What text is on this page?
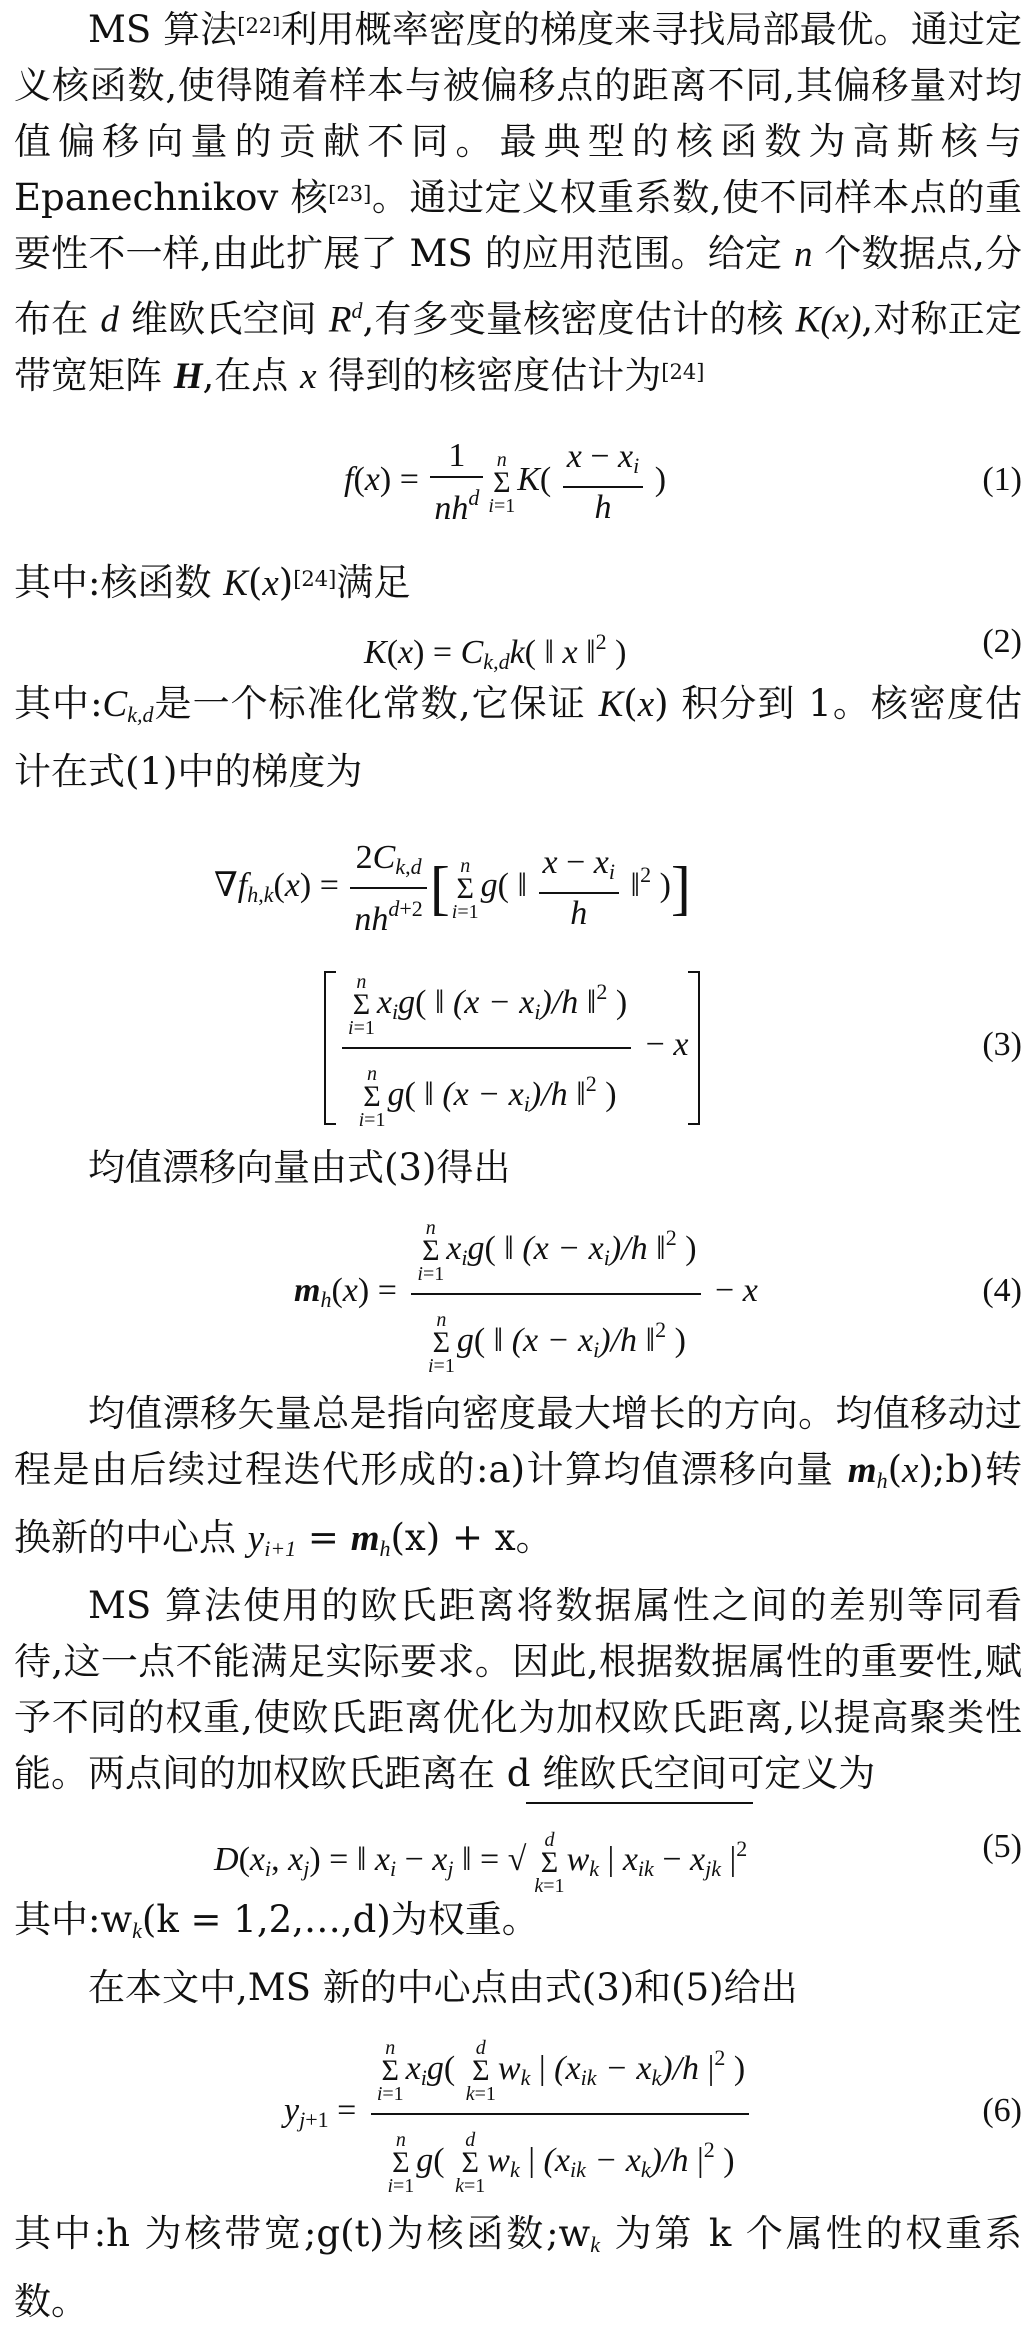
MS 算法[22]利用概率密度的梯度来寻找局部最优。通过定义核函数,使得随着样本与被偏移点的距离不同,其偏移量对均值偏移向量的贡献不同。最典型的核函数为高斯核与 Epanechnikov 核[23]。通过定义权重系数,使不同样本点的重要性不一样,由此扩展了 MS 的应用范围。给定 n 个数据点,分布在 d 维欧氏空间 $R^d$,有多变量核密度估计的核 K(x),对称正定带宽矩阵 H,在点 x 得到的核密度估计为[24]

$f(x) = \frac{1}{nh^d}$ n
Σ
$i=1K( \frac{x - x_i}{h}$ )	(1)

其中:核函数 K(x)[24]满足

$K(x) = C_{k,d}k$( ‖ x ‖$^2$ )	(2)

其中$:C_{k,d}$是一个标准化常数,它保证 K(x) 积分到 1。核密度估计在式(1)中的梯度为

$\nabla f_{h,k}(x) = \frac{2C_{k,d}}{nh^{d+2}}$ [ n
Σ
i=1g( ‖ $\frac{x - x_i}{h}$ ‖$^2$ )]
n
Σ
$i=1x_ig$( ‖ $(x - x_i)/h$ ‖$^2$ )
n
Σ
i=1g( ‖ $(x - x_i)/h$ ‖$^2$ ) − x	(3)

均值漂移向量由式(3)得出

$m_h(x) = n$
Σ
$i=1x_ig$( ‖ $(x - x_i)/h$ ‖$^2$ )
n
Σ
i=1g( ‖ $(x - x_i)/h$ ‖$^2$ ) − x	(4)

均值漂移矢量总是指向密度最大增长的方向。均值移动过程是由后续过程迭代形成的:a)计算均值漂移向量 $m_h(x);b$)转换新的中心点 $y_{i+1} = m_h(x) + x$。

MS 算法使用的欧氏距离将数据属性之间的差别等同看待,这一点不能满足实际要求。因此,根据数据属性的重要性,赋予不同的权重,使欧氏距离优化为加权欧氏距离,以提高聚类性能。两点间的加权欧氏距离在 d 维欧氏空间可定义为

$D(x_i$, $x_j$) = ‖ $x_i - x_j$ ‖ = √d
Σ
$k=1w_k$ | $x_{ik} - x_{jk}$ $|^2$	(5)

其中$:w_k(k$ = 1,2,…,d)为权重。

在本文中,MS 新的中心点由式(3)和(5)给出

$y_{j+1} = n$
Σ
$i=1x_ig$( d
Σ
$k=1w_k$ | $(x_{ik} - x_k)/h$ $|^2$ )
n
Σ
i=1g( d
Σ
$k=1w_k$ | $(x_{ik} - x_k)/h$ $|^2$ )	(6)

其中:h 为核带宽;g(t)为核函数$;w_k$ 为第 k 个属性的权重系数。
